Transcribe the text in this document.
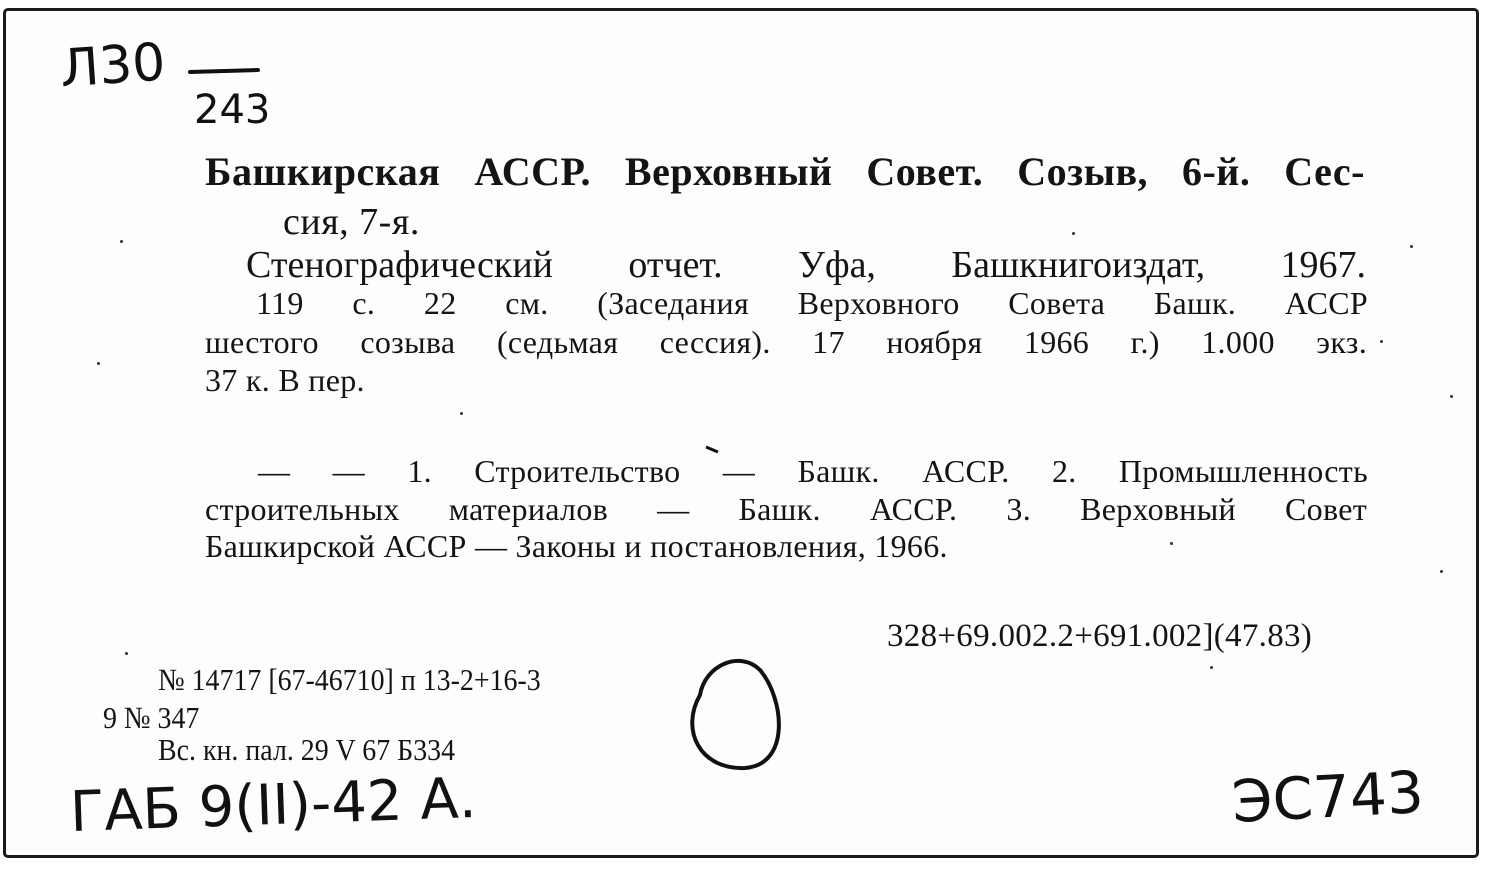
Л30
243
Башкирская АССР. Верховный Совет. Созыв, 6-й. Сес-
сия, 7-я.
Стенографический отчет. Уфа, Башкнигоиздат, 1967.
119 с. 22 см. (Заседания Верховного Совета Башк. АССР
шестого созыва (седьмая сессия). 17 ноября 1966 г.) 1.000 экз.
37 к. В пер.
— — 1. Строительство — Башк. АССР. 2. Промышленность
строительных материалов — Башк. АССР. 3. Верховный Совет
Башкирской АССР — Законы и постановления, 1966.
328+69.002.2+691.002](47.83)
№ 14717 [67-46710] п 13-2+16-3
9 № 347
Вс. кн. пал. 29 V 67 Б334
ГАБ 9(II)-42 А.	ЭС743
